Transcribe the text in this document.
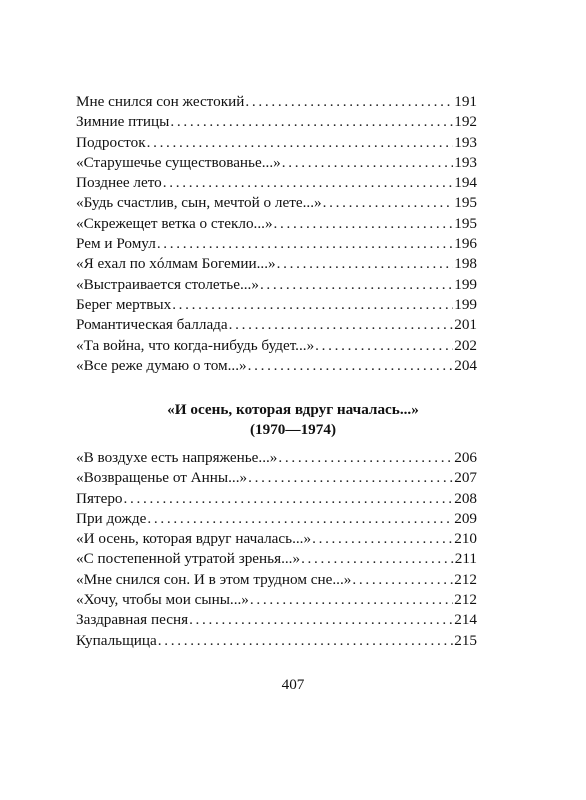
Мне снился сон жестокий . . .	191
Зимние птицы . . .	192
Подросток . . .	193
«Старушечье существованье...» . . .	193
Позднее лето . . .	194
«Будь счастлив, сын, мечтой о лете...» . . .	195
«Скрежещет ветка о стекло...» . . .	195
Рем и Ромул . . .	196
«Я ехал по хóлмам Богемии...» . . .	198
«Выстраивается столетье...» . . .	199
Берег мертвых . . .	199
Романтическая баллада . . .	201
«Та война, что когда-нибудь будет...» . . .	202
«Все реже думаю о том...» . . .	204
«И осень, которая вдруг началась...»
(1970—1974)
«В воздухе есть напряженье...» . . .	206
«Возвращенье от Анны...» . . .	207
Пятеро . . .	208
При дожде . . .	209
«И осень, которая вдруг началась...» . . .	210
«С постепенной утратой зренья...» . . .	211
«Мне снился сон. И в этом трудном сне...» . . .	212
«Хочу, чтобы мои сыны...» . . .	212
Заздравная песня . . .	214
Купальщица . . .	215
407
